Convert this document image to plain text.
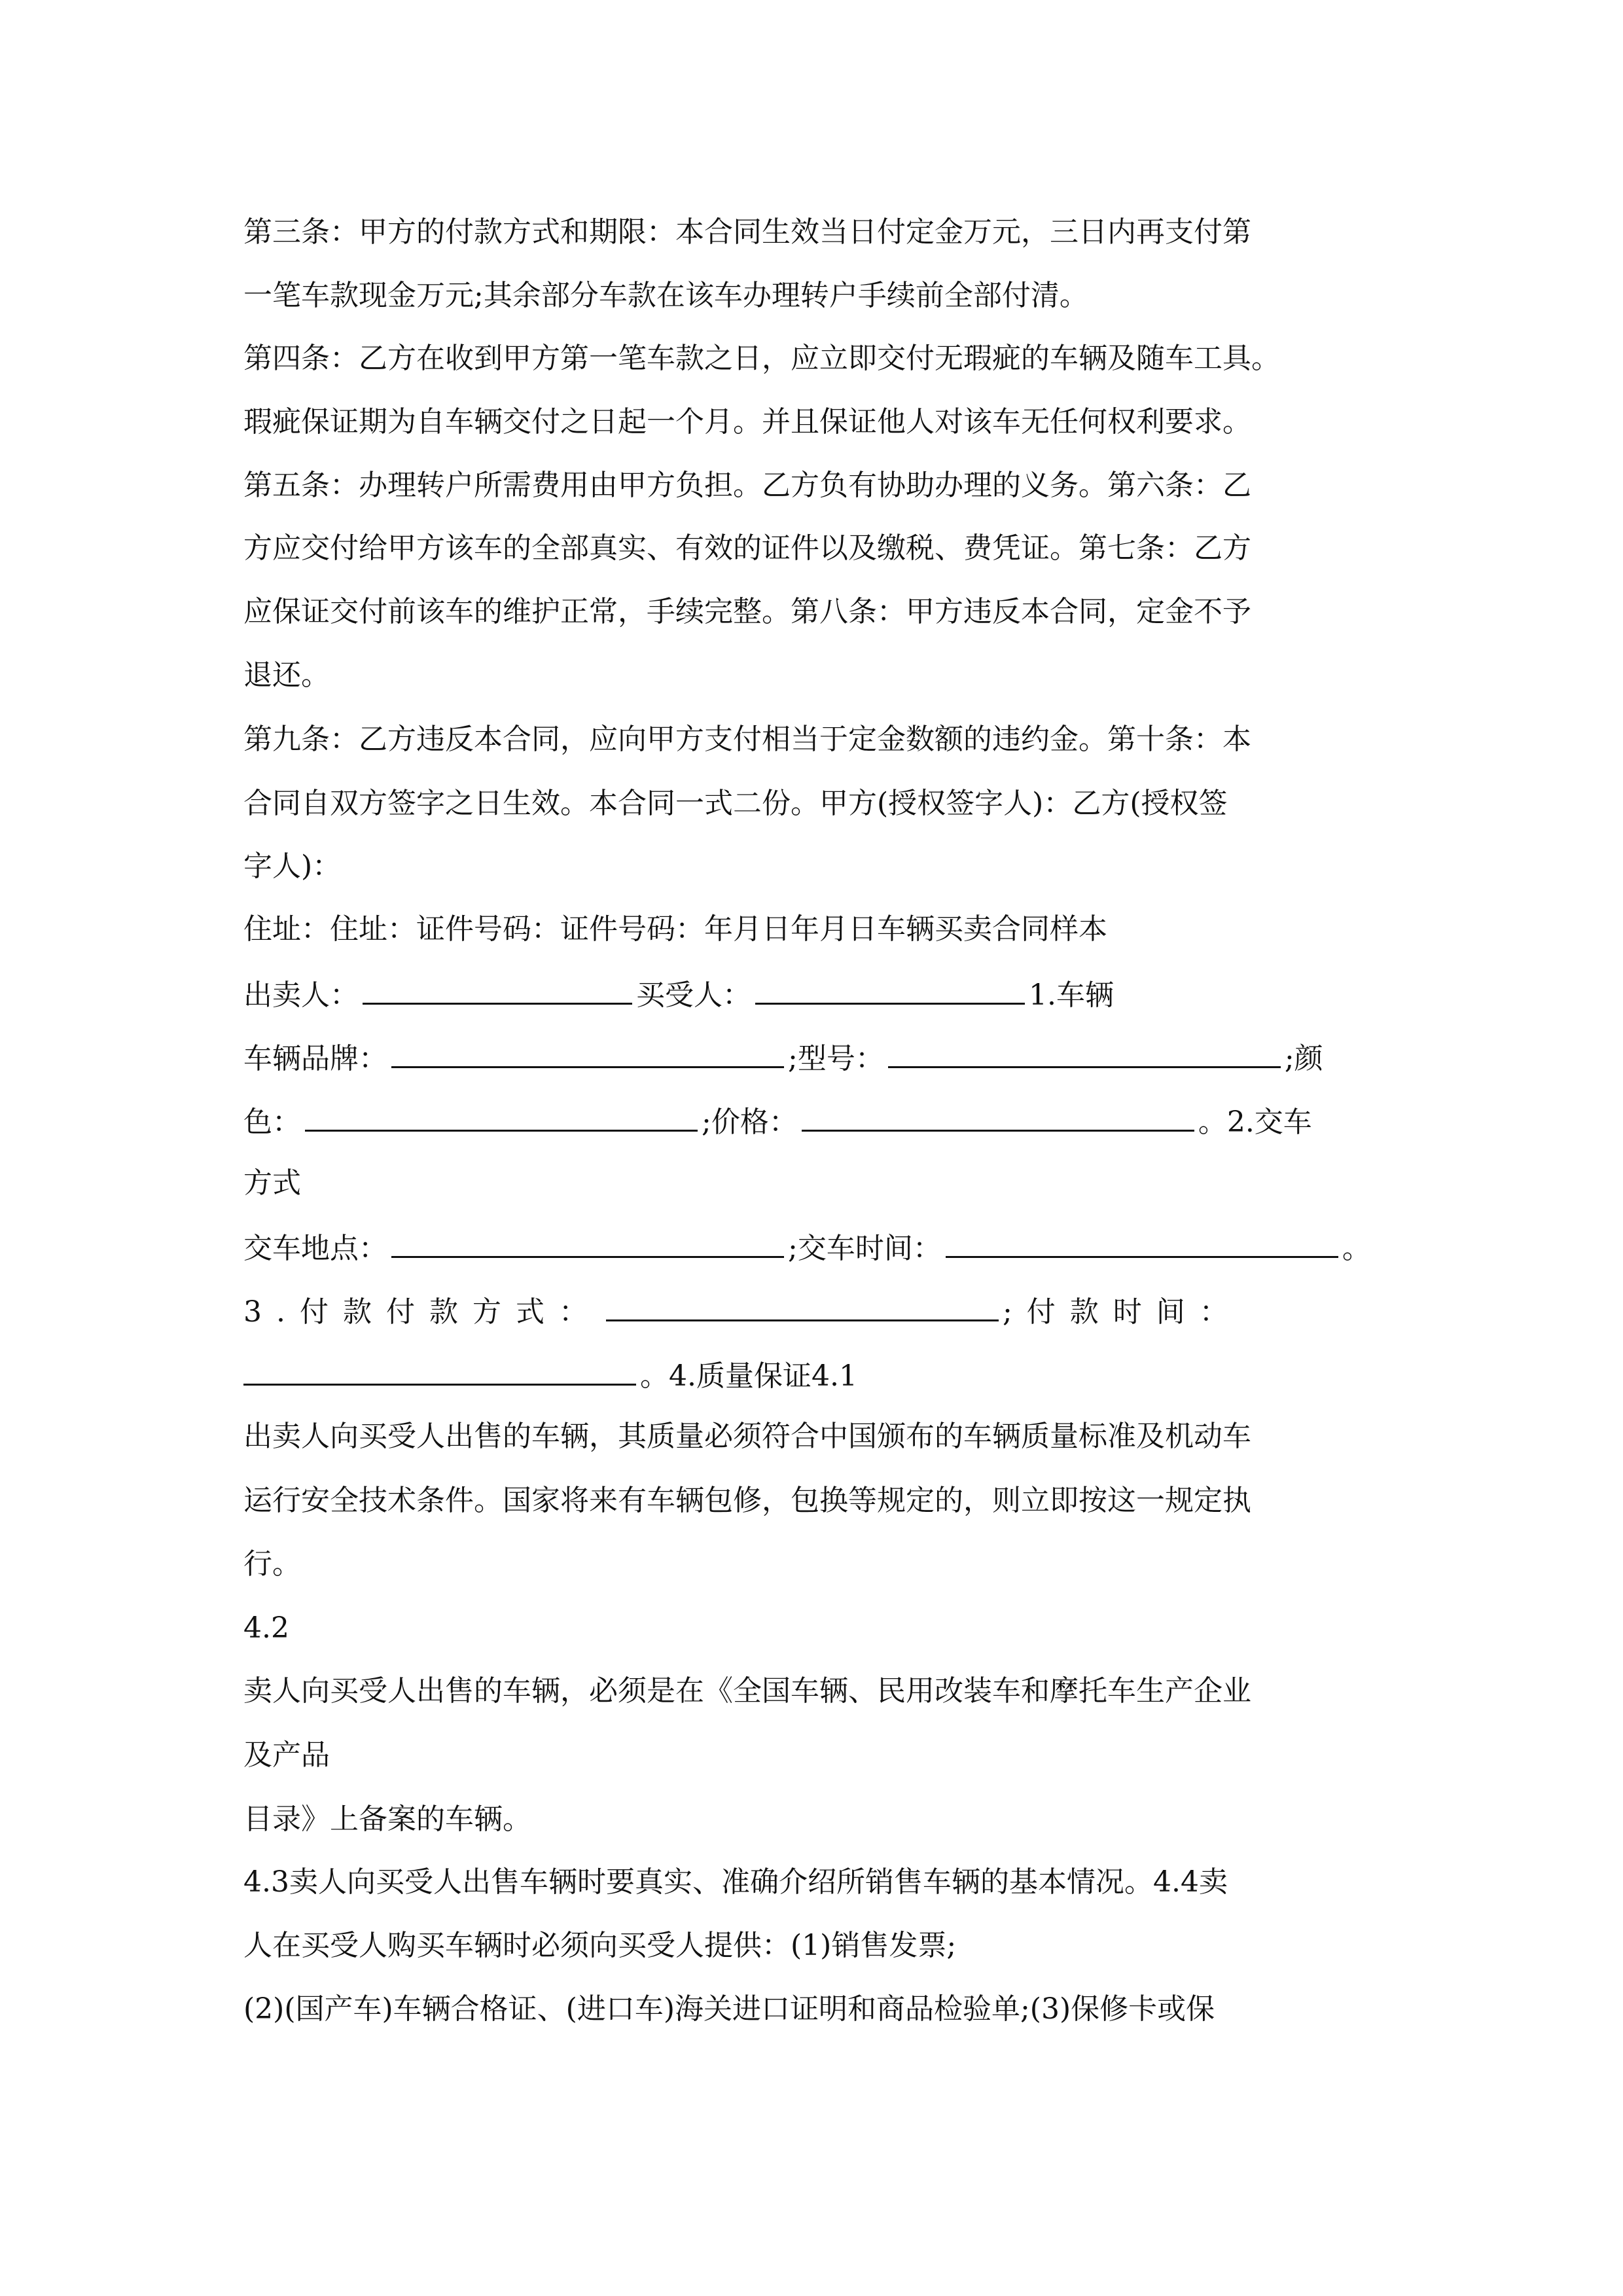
第三条：甲方的付款方式和期限：本合同生效当日付定金万元，三日内再支付第
一笔车款现金万元;其余部分车款在该车办理转户手续前全部付清。
第四条：乙方在收到甲方第一笔车款之日，应立即交付无瑕疵的车辆及随车工具。
瑕疵保证期为自车辆交付之日起一个月。并且保证他人对该车无任何权利要求。
第五条：办理转户所需费用由甲方负担。乙方负有协助办理的义务。第六条：乙
方应交付给甲方该车的全部真实、有效的证件以及缴税、费凭证。第七条：乙方
应保证交付前该车的维护正常，手续完整。第八条：甲方违反本合同，定金不予
退还。
第九条：乙方违反本合同，应向甲方支付相当于定金数额的违约金。第十条：本
合同自双方签字之日生效。本合同一式二份。甲方(授权签字人)：乙方(授权签
字人)：
住址：住址：证件号码：证件号码：年月日年月日车辆买卖合同样本
出卖人：	买受人：	1.车辆
车辆品牌：	;型号：	;颜
色：	;价格：	。2.交车
方式
交车地点：	;交车时间：	。
3.付款付款方式：	;付款时间：
。4.质量保证4.1
出卖人向买受人出售的车辆，其质量必须符合中国颁布的车辆质量标准及机动车
运行安全技术条件。国家将来有车辆包修，包换等规定的，则立即按这一规定执
行。
4.2
卖人向买受人出售的车辆，必须是在《全国车辆、民用改装车和摩托车生产企业
及产品
目录》上备案的车辆。
4.3卖人向买受人出售车辆时要真实、准确介绍所销售车辆的基本情况。4.4卖
人在买受人购买车辆时必须向买受人提供：(1)销售发票;
(2)(国产车)车辆合格证、(进口车)海关进口证明和商品检验单;(3)保修卡或保
